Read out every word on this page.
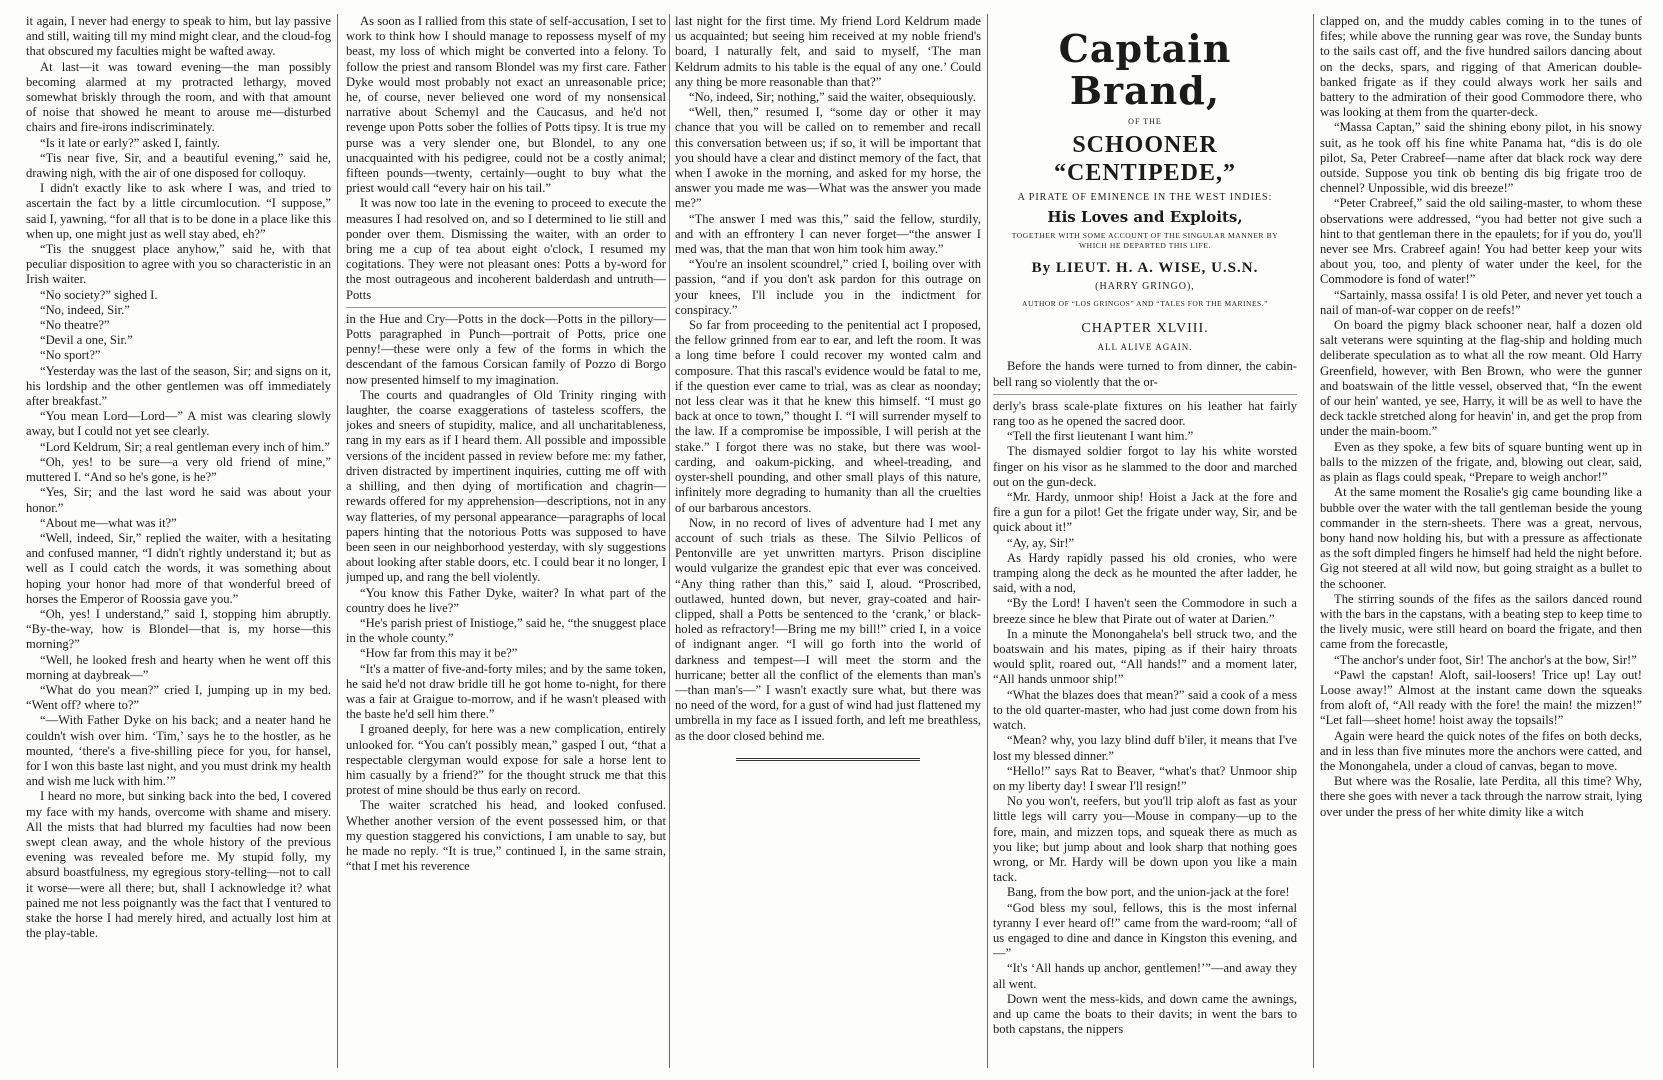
it again, I never had energy to speak to him, but lay passive and still, waiting till my mind might clear, and the cloud-fog that obscured my faculties might be wafted away.

At last—it was toward evening—the man possibly becoming alarmed at my protracted lethargy, moved somewhat briskly through the room, and with that amount of noise that showed he meant to arouse me—disturbed chairs and fire-irons indiscriminately.

“Is it late or early?” asked I, faintly.

“Tis near five, Sir, and a beautiful evening,” said he, drawing nigh, with the air of one disposed for colloquy.

I didn't exactly like to ask where I was, and tried to ascertain the fact by a little circumlocution. “I suppose,” said I, yawning, “for all that is to be done in a place like this when up, one might just as well stay abed, eh?”

“Tis the snuggest place anyhow,” said he, with that peculiar disposition to agree with you so characteristic in an Irish waiter.

“No society?” sighed I.

“No, indeed, Sir.”

“No theatre?”

“Devil a one, Sir.”

“No sport?”

“Yesterday was the last of the season, Sir; and signs on it, his lordship and the other gentlemen was off immediately after breakfast.”

“You mean Lord—Lord—” A mist was clearing slowly away, but I could not yet see clearly.

“Lord Keldrum, Sir; a real gentleman every inch of him.”

“Oh, yes! to be sure—a very old friend of mine,” muttered I. “And so he's gone, is he?”

“Yes, Sir; and the last word he said was about your honor.”

“About me—what was it?”

“Well, indeed, Sir,” replied the waiter, with a hesitating and confused manner, “I didn't rightly understand it; but as well as I could catch the words, it was something about hoping your honor had more of that wonderful breed of horses the Emperor of Roossia gave you.”

“Oh, yes! I understand,” said I, stopping him abruptly. “By-the-way, how is Blondel—that is, my horse—this morning?”

“Well, he looked fresh and hearty when he went off this morning at daybreak—”

“What do you mean?” cried I, jumping up in my bed. “Went off? where to?”

“—With Father Dyke on his back; and a neater hand he couldn't wish over him. ‘Tim,’ says he to the hostler, as he mounted, ‘there's a five-shilling piece for you, for hansel, for I won this baste last night, and you must drink my health and wish me luck with him.’”

I heard no more, but sinking back into the bed, I covered my face with my hands, overcome with shame and misery. All the mists that had blurred my faculties had now been swept clean away, and the whole history of the previous evening was revealed before me. My stupid folly, my absurd boastfulness, my egregious story-telling—not to call it worse—were all there; but, shall I acknowledge it? what pained me not less poignantly was the fact that I ventured to stake the horse I had merely hired, and actually lost him at the play-table.

As soon as I rallied from this state of self-accusation, I set to work to think how I should manage to repossess myself of my beast, my loss of which might be converted into a felony. To follow the priest and ransom Blondel was my first care. Father Dyke would most probably not exact an unreasonable price; he, of course, never believed one word of my nonsensical narrative about Schemyl and the Caucasus, and he'd not revenge upon Potts sober the follies of Potts tipsy. It is true my purse was a very slender one, but Blondel, to any one unacquainted with his pedigree, could not be a costly animal; fifteen pounds—twenty, certainly—ought to buy what the priest would call “every hair on his tail.”

It was now too late in the evening to proceed to execute the measures I had resolved on, and so I determined to lie still and ponder over them. Dismissing the waiter, with an order to bring me a cup of tea about eight o'clock, I resumed my cogitations. They were not pleasant ones: Potts a by-word for the most outrageous and incoherent balderdash and untruth—Potts

in the Hue and Cry—Potts in the dock—Potts in the pillory—Potts paragraphed in Punch—portrait of Potts, price one penny!—these were only a few of the forms in which the descendant of the famous Corsican family of Pozzo di Borgo now presented himself to my imagination.

The courts and quadrangles of Old Trinity ringing with laughter, the coarse exaggerations of tasteless scoffers, the jokes and sneers of stupidity, malice, and all uncharitableness, rang in my ears as if I heard them. All possible and impossible versions of the incident passed in review before me: my father, driven distracted by impertinent inquiries, cutting me off with a shilling, and then dying of mortification and chagrin—rewards offered for my apprehension—descriptions, not in any way flatteries, of my personal appearance—paragraphs of local papers hinting that the notorious Potts was supposed to have been seen in our neighborhood yesterday, with sly suggestions about looking after stable doors, etc. I could bear it no longer, I jumped up, and rang the bell violently.

“You know this Father Dyke, waiter? In what part of the country does he live?”

“He's parish priest of Inistioge,” said he, “the snuggest place in the whole county.”

“How far from this may it be?”

“It's a matter of five-and-forty miles; and by the same token, he said he'd not draw bridle till he got home to-night, for there was a fair at Graigue to-morrow, and if he wasn't pleased with the baste he'd sell him there.”

I groaned deeply, for here was a new complication, entirely unlooked for. “You can't possibly mean,” gasped I out, “that a respectable clergyman would expose for sale a horse lent to him casually by a friend?” for the thought struck me that this protest of mine should be thus early on record.

The waiter scratched his head, and looked confused. Whether another version of the event possessed him, or that my question staggered his convictions, I am unable to say, but he made no reply. “It is true,” continued I, in the same strain, “that I met his reverence

last night for the first time. My friend Lord Keldrum made us acquainted; but seeing him received at my noble friend's board, I naturally felt, and said to myself, ‘The man Keldrum admits to his table is the equal of any one.’ Could any thing be more reasonable than that?”

“No, indeed, Sir; nothing,” said the waiter, obsequiously.

“Well, then,” resumed I, “some day or other it may chance that you will be called on to remember and recall this conversation between us; if so, it will be important that you should have a clear and distinct memory of the fact, that when I awoke in the morning, and asked for my horse, the answer you made me was—What was the answer you made me?”

“The answer I med was this,” said the fellow, sturdily, and with an effrontery I can never forget—“the answer I med was, that the man that won him took him away.”

“You're an insolent scoundrel,” cried I, boiling over with passion, “and if you don't ask pardon for this outrage on your knees, I'll include you in the indictment for conspiracy.”

So far from proceeding to the penitential act I proposed, the fellow grinned from ear to ear, and left the room. It was a long time before I could recover my wonted calm and composure. That this rascal's evidence would be fatal to me, if the question ever came to trial, was as clear as noonday; not less clear was it that he knew this himself. “I must go back at once to town,” thought I. “I will surrender myself to the law. If a compromise be impossible, I will perish at the stake.” I forgot there was no stake, but there was wool-carding, and oakum-picking, and wheel-treading, and oyster-shell pounding, and other small plays of this nature, infinitely more degrading to humanity than all the cruelties of our barbarous ancestors.

Now, in no record of lives of adventure had I met any account of such trials as these. The Silvio Pellicos of Pentonville are yet unwritten martyrs. Prison discipline would vulgarize the grandest epic that ever was conceived. “Any thing rather than this,” said I, aloud. “Proscribed, outlawed, hunted down, but never, gray-coated and hair-clipped, shall a Potts be sentenced to the ‘crank,’ or black-holed as refractory!—Bring me my bill!” cried I, in a voice of indignant anger. “I will go forth into the world of darkness and tempest—I will meet the storm and the hurricane; better all the conflict of the elements than man's—than man's—” I wasn't exactly sure what, but there was no need of the word, for a gust of wind had just flattened my umbrella in my face as I issued forth, and left me breathless, as the door closed behind me.

Captain Brand,
OF THE
SCHOONER “CENTIPEDE,”
A PIRATE OF EMINENCE IN THE WEST INDIES:
His Loves and Exploits,
TOGETHER WITH SOME ACCOUNT OF THE SINGULAR MANNER BY WHICH HE DEPARTED THIS LIFE.
By LIEUT. H. A. WISE, U.S.N.
(HARRY GRINGO),
AUTHOR OF “LOS GRINGOS” AND “TALES FOR THE MARINES.”
CHAPTER XLVIII.
ALL ALIVE AGAIN.

Before the hands were turned to from dinner, the cabin-bell rang so violently that the or-

derly's brass scale-plate fixtures on his leather hat fairly rang too as he opened the sacred door.

“Tell the first lieutenant I want him.”

The dismayed soldier forgot to lay his white worsted finger on his visor as he slammed to the door and marched out on the gun-deck.

“Mr. Hardy, unmoor ship! Hoist a Jack at the fore and fire a gun for a pilot! Get the frigate under way, Sir, and be quick about it!”

“Ay, ay, Sir!”

As Hardy rapidly passed his old cronies, who were tramping along the deck as he mounted the after ladder, he said, with a nod,

“By the Lord! I haven't seen the Commodore in such a breeze since he blew that Pirate out of water at Darien.”

In a minute the Monongahela's bell struck two, and the boatswain and his mates, piping as if their hairy throats would split, roared out, “All hands!” and a moment later, “All hands unmoor ship!”

“What the blazes does that mean?” said a cook of a mess to the old quarter-master, who had just come down from his watch.

“Mean? why, you lazy blind duff b'iler, it means that I've lost my blessed dinner.”

“Hello!” says Rat to Beaver, “what's that? Unmoor ship on my liberty day! I swear I'll resign!”

No you won't, reefers, but you'll trip aloft as fast as your little legs will carry you—Mouse in company—up to the fore, main, and mizzen tops, and squeak there as much as you like; but jump about and look sharp that nothing goes wrong, or Mr. Hardy will be down upon you like a main tack.

Bang, from the bow port, and the union-jack at the fore!

“God bless my soul, fellows, this is the most infernal tyranny I ever heard of!” came from the ward-room; “all of us engaged to dine and dance in Kingston this evening, and—”

“It's ‘All hands up anchor, gentlemen!’”—and away they all went.

Down went the mess-kids, and down came the awnings, and up came the boats to their davits; in went the bars to both capstans, the nippers

clapped on, and the muddy cables coming in to the tunes of fifes; while above the running gear was rove, the Sunday bunts to the sails cast off, and the five hundred sailors dancing about on the decks, spars, and rigging of that American double-banked frigate as if they could always work her sails and battery to the admiration of their good Commodore there, who was looking at them from the quarter-deck.

“Massa Captan,” said the shining ebony pilot, in his snowy suit, as he took off his fine white Panama hat, “dis is do ole pilot, Sa, Peter Crabreef—name after dat black rock way dere outside. Suppose you tink ob benting dis big frigate troo de chennel? Unpossible, wid dis breeze!”

“Peter Crabreef,” said the old sailing-master, to whom these observations were addressed, “you had better not give such a hint to that gentleman there in the epaulets; for if you do, you'll never see Mrs. Crabreef again! You had better keep your wits about you, too, and plenty of water under the keel, for the Commodore is fond of water!”

“Sartainly, massa ossifa! I is old Peter, and never yet touch a nail of man-of-war copper on de reefs!”

On board the pigmy black schooner near, half a dozen old salt veterans were squinting at the flag-ship and holding much deliberate speculation as to what all the row meant. Old Harry Greenfield, however, with Ben Brown, who were the gunner and boatswain of the little vessel, observed that, “In the ewent of our hein' wanted, ye see, Harry, it will be as well to have the deck tackle stretched along for heavin' in, and get the prop from under the main-boom.”

Even as they spoke, a few bits of square bunting went up in balls to the mizzen of the frigate, and, blowing out clear, said, as plain as flags could speak, “Prepare to weigh anchor!”

At the same moment the Rosalie's gig came bounding like a bubble over the water with the tall gentleman beside the young commander in the stern-sheets. There was a great, nervous, bony hand now holding his, but with a pressure as affectionate as the soft dimpled fingers he himself had held the night before. Gig not steered at all wild now, but going straight as a bullet to the schooner.

The stirring sounds of the fifes as the sailors danced round with the bars in the capstans, with a beating step to keep time to the lively music, were still heard on board the frigate, and then came from the forecastle,

“The anchor's under foot, Sir! The anchor's at the bow, Sir!”

“Pawl the capstan! Aloft, sail-loosers! Trice up! Lay out! Loose away!” Almost at the instant came down the squeaks from aloft of, “All ready with the fore! the main! the mizzen!” “Let fall—sheet home! hoist away the topsails!”

Again were heard the quick notes of the fifes on both decks, and in less than five minutes more the anchors were catted, and the Monongahela, under a cloud of canvas, began to move.

But where was the Rosalie, late Perdita, all this time? Why, there she goes with never a tack through the narrow strait, lying over under the press of her white dimity like a witch
